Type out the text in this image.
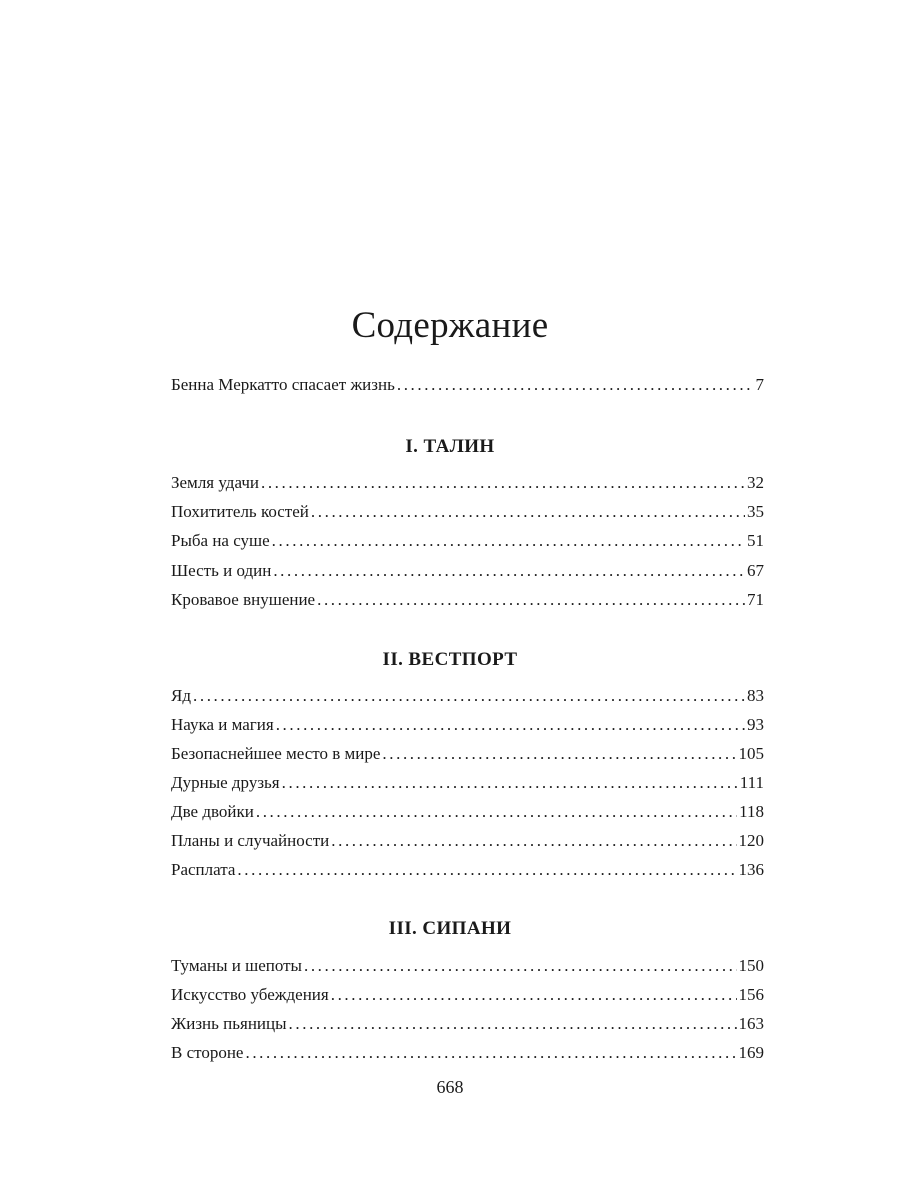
Содержание
Бенна Меркатто спасает жизнь .....	7
I. ТАЛИН
Земля удачи .....	32
Похититель костей .....	35
Рыба на суше .....	51
Шесть и один .....	67
Кровавое внушение .....	71
II. ВЕСТПОРТ
Яд .....	83
Наука и магия .....	93
Безопаснейшее место в мире .....	105
Дурные друзья .....	111
Две двойки .....	118
Планы и случайности .....	120
Расплата .....	136
III. СИПАНИ
Туманы и шепоты .....	150
Искусство убеждения .....	156
Жизнь пьяницы .....	163
В стороне .....	169
668
